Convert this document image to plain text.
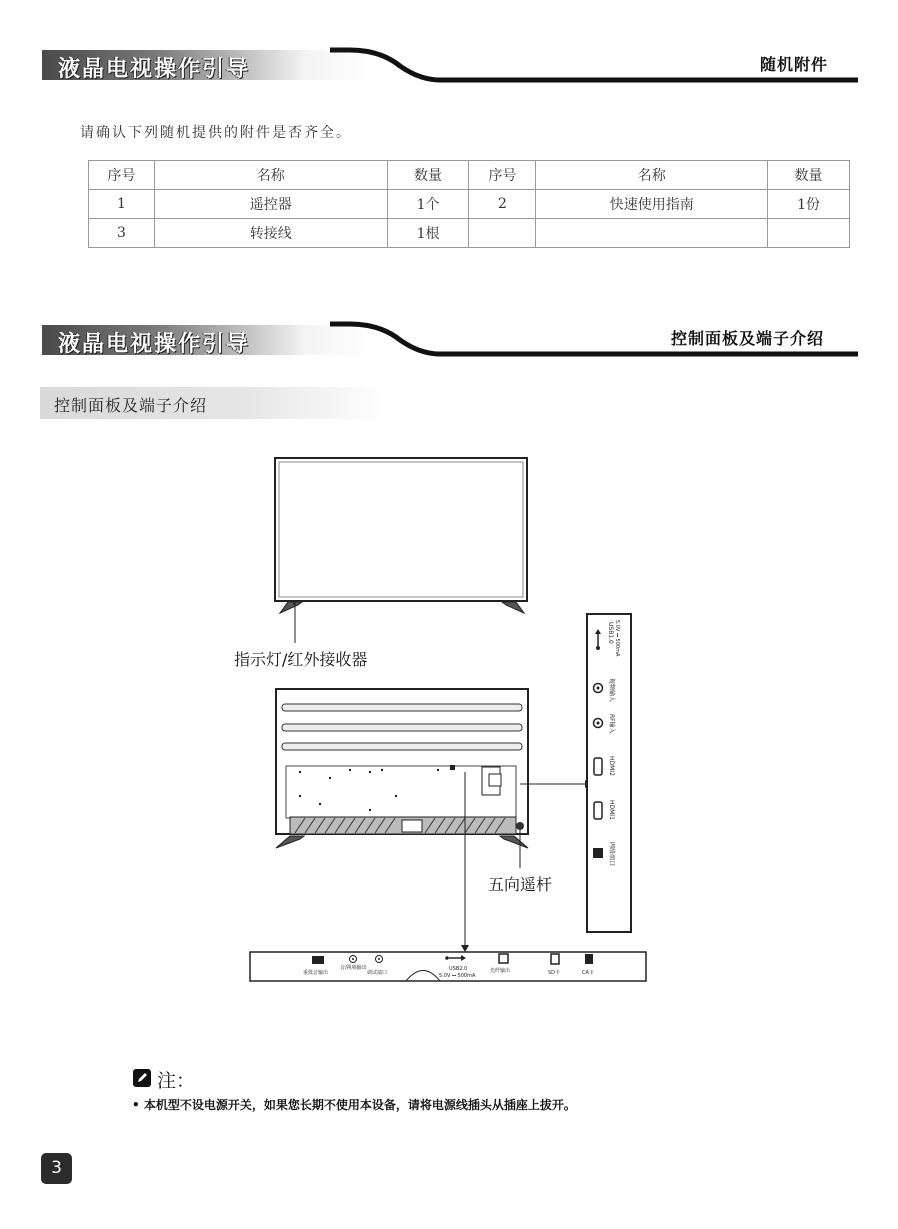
液晶电视操作引导	随机附件
请确认下列随机提供的附件是否齐全。
序号	名称	数量	序号	名称	数量
1	遥控器	1个	2	快速使用指南	1份
3	转接线	1根			
液晶电视操作引导	控制面板及端子介绍
控制面板及端子介绍
指示灯/红外接收器
五向遥杆
USB1.0 5.0V ⎓ 500mA
视频输入
RF输入
HDMI2
HDMI1
网络端口
重低音输出
音/视频输出
调试端口
USB2.0
5.0V ⎓ 500mA
光纤输出	SD卡	CA卡
注：
• 本机型不设电源开关，如果您长期不使用本设备，请将电源线插头从插座上拔开。
3
